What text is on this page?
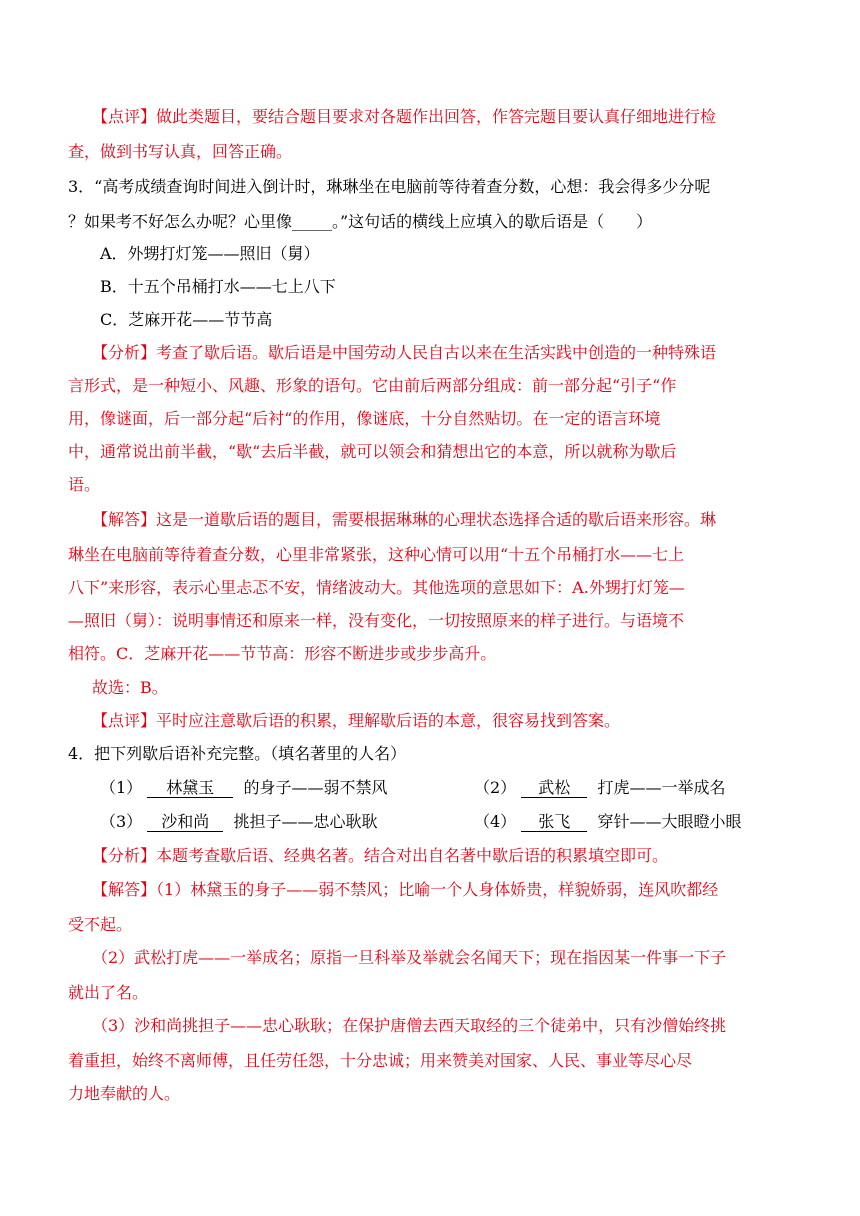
【点评】做此类题目，要结合题目要求对各题作出回答，作答完题目要认真仔细地进行检
查，做到书写认真，回答正确。
3．“高考成绩查询时间进入倒计时，琳琳坐在电脑前等待着查分数，心想：我会得多少分呢
？如果考不好怎么办呢？心里像_____。”这句话的横线上应填入的歇后语是（　　）
A．外甥打灯笼——照旧（舅）
B．十五个吊桶打水——七上八下
C．芝麻开花——节节高
【分析】考查了歇后语。歇后语是中国劳动人民自古以来在生活实践中创造的一种特殊语
言形式，是一种短小、风趣、形象的语句。它由前后两部分组成：前一部分起“引子“作
用，像谜面，后一部分起“后衬“的作用，像谜底，十分自然贴切。在一定的语言环境
中，通常说出前半截，“歇“去后半截，就可以领会和猜想出它的本意，所以就称为歇后
语。
【解答】这是一道歇后语的题目，需要根据琳琳的心理状态选择合适的歇后语来形容。琳
琳坐在电脑前等待着查分数，心里非常紧张，这种心情可以用“十五个吊桶打水——七上
八下”来形容，表示心里忐忑不安，情绪波动大。其他选项的意思如下：A.外甥打灯笼—
—照旧（舅）：说明事情还和原来一样，没有变化，一切按照原来的样子进行。与语境不
相符。C．芝麻开花——节节高：形容不断进步或步步高升。
故选：B。
【点评】平时应注意歇后语的积累，理解歇后语的本意，很容易找到答案。
4．把下列歇后语补充完整。（填名著里的人名）
（1） 林黛玉 的身子——弱不禁风	（2） 武松 打虎——一举成名
（3） 沙和尚 挑担子——忠心耿耿	（4） 张飞 穿针——大眼瞪小眼
【分析】本题考查歇后语、经典名著。结合对出自名著中歇后语的积累填空即可。
【解答】（1）林黛玉的身子——弱不禁风；比喻一个人身体娇贵，样貌娇弱，连风吹都经
受不起。
（2）武松打虎——一举成名；原指一旦科举及举就会名闻天下；现在指因某一件事一下子
就出了名。
（3）沙和尚挑担子——忠心耿耿；在保护唐僧去西天取经的三个徒弟中，只有沙僧始终挑
着重担，始终不离师傅，且任劳任怨，十分忠诚；用来赞美对国家、人民、事业等尽心尽
力地奉献的人。
